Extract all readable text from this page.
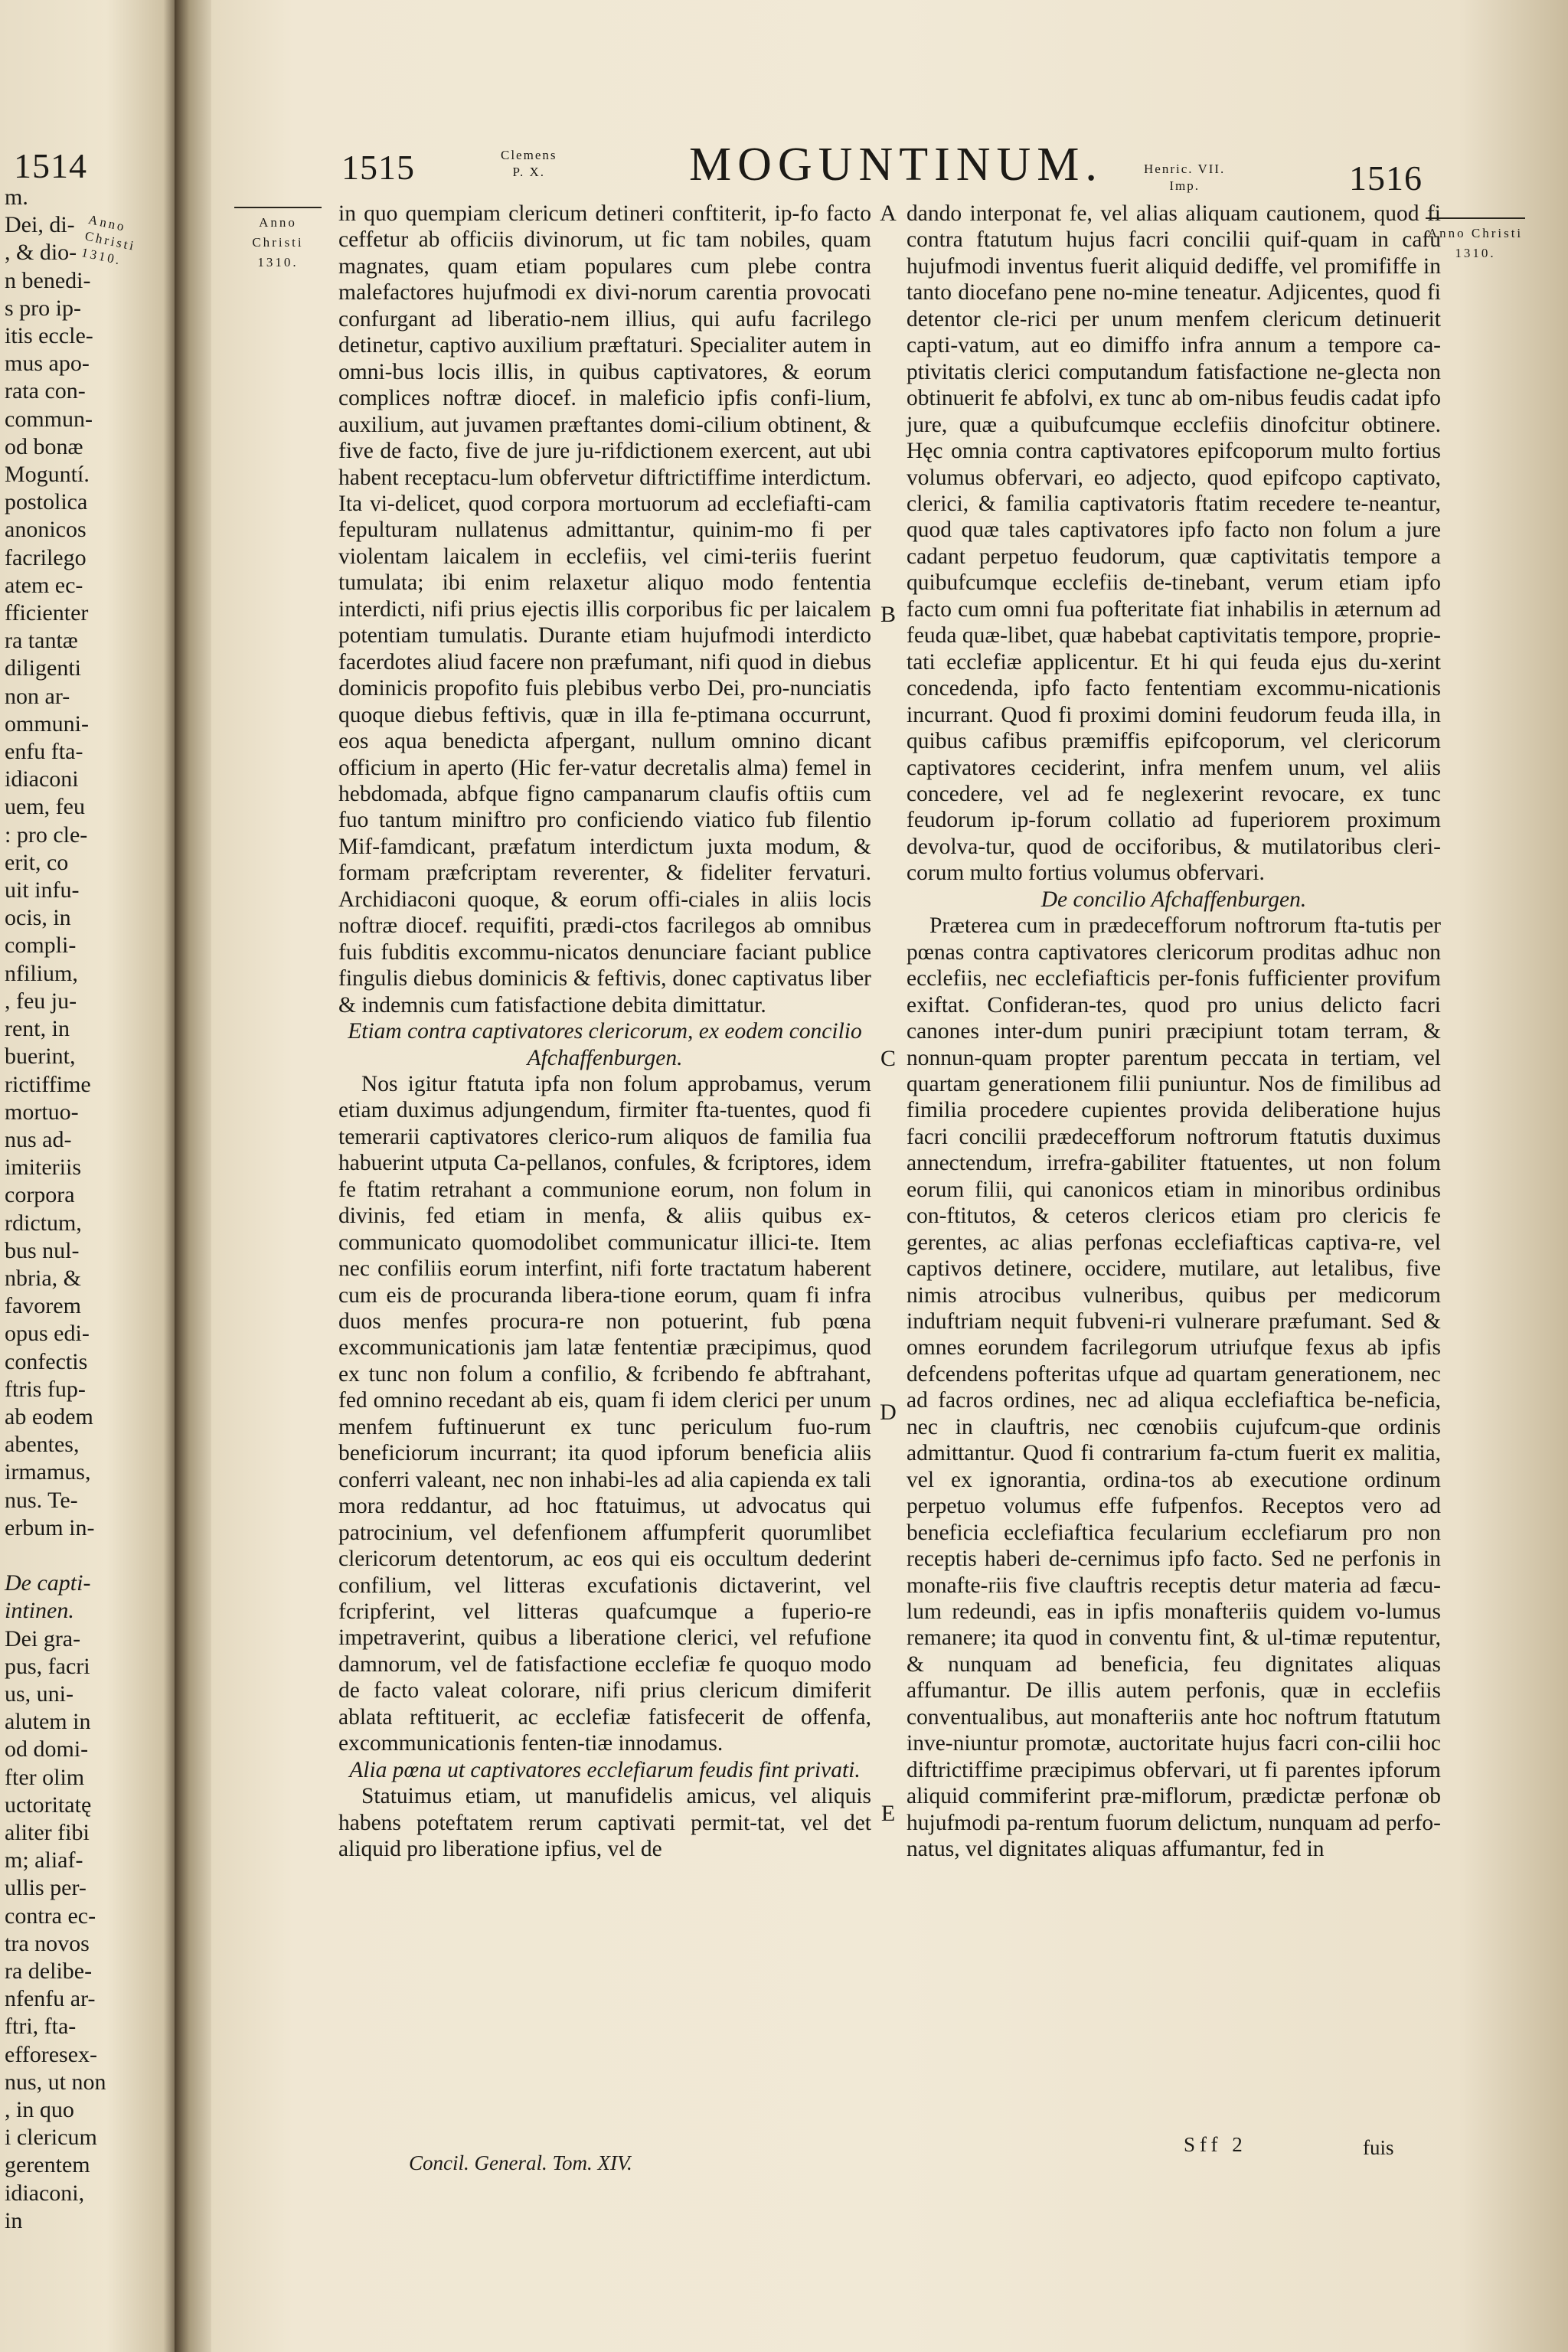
1514
Anno Christi 1310.
m.
Dei, di-
, & dio-
n benedi-
s pro ip-
itis eccle-
mus apo-
rata con-
commun-
od bonæ
Moguntí.
postolica
anonicos
facrilego
atem ec-
fficienter
ra tantæ
diligenti
non ar-
ommuni-
enfu fta-
idiaconi
uem, feu
: pro cle-
erit, co
uit infu-
ocis, in
compli-
nfilium,
, feu ju-
rent, in
buerint,
rictiffime
mortuo-
nus ad-
imiteriis
corpora
rdictum,
bus nul-
nbria, &
favorem
opus edi-
confectis
ftris fup-
ab eodem
abentes,
irmamus,
nus. Te-
erbum in-

De capti-
intinen.
Dei gra-
pus, facri
us, uni-
alutem in
od domi-
fter olim
uctoritatę
aliter fibi
m; aliaf-
ullis per-
contra ec-
tra novos
ra delibe-
nfenfu ar-
ftri, fta-
efforesex-
nus, ut non
, in quo
i clericum
gerentem
idiaconi,
in
1515	Clemens
P. X.	MOGUNTINUM.	Henric. VII.
Imp.	1516
Anno Christi 1310.
Anno Christi 1310.

in quo quempiam clericum detineri conftiterit, ip-fo facto ceffetur ab officiis divinorum, ut fic tam nobiles, quam magnates, quam etiam populares cum plebe contra malefactores hujufmodi ex divi-norum carentia provocati confurgant ad liberatio-nem illius, qui aufu facrilego detinetur, captivo auxilium præftaturi. Specialiter autem in omni-bus locis illis, in quibus captivatores, & eorum complices noftræ diocef. in maleficio ipfis confi-lium, auxilium, aut juvamen præftantes domi-cilium obtinent, & five de facto, five de jure ju-rifdictionem exercent, aut ubi habent receptacu-lum obfervetur diftrictiffime interdictum. Ita vi-delicet, quod corpora mortuorum ad ecclefiafti-cam fepulturam nullatenus admittantur, quinim-mo fi per violentam laicalem in ecclefiis, vel cimi-teriis fuerint tumulata; ibi enim relaxetur aliquo modo fententia interdicti, nifi prius ejectis illis corporibus fic per laicalem potentiam tumulatis. Durante etiam hujufmodi interdicto facerdotes aliud facere non præfumant, nifi quod in diebus dominicis propofito fuis plebibus verbo Dei, pro-nunciatis quoque diebus feftivis, quæ in illa fe-ptimana occurrunt, eos aqua benedicta afpergant, nullum omnino dicant officium in aperto (Hic fer-vatur decretalis alma) femel in hebdomada, abfque figno campanarum claufis oftiis cum fuo tantum miniftro pro conficiendo viatico fub filentio Mif-famdicant, præfatum interdictum juxta modum, & formam præfcriptam reverenter, & fideliter fervaturi. Archidiaconi quoque, & eorum offi-ciales in aliis locis noftræ diocef. requifiti, prædi-ctos facrilegos ab omnibus fuis fubditis excommu-nicatos denunciare faciant publice fingulis diebus dominicis & feftivis, donec captivatus liber & indemnis cum fatisfactione debita dimittatur.

Etiam contra captivatores clericorum, ex eodem concilio Afchaffenburgen.

Nos igitur ftatuta ipfa non folum approbamus, verum etiam duximus adjungendum, firmiter fta-tuentes, quod fi temerarii captivatores clerico-rum aliquos de familia fua habuerint utputa Ca-pellanos, confules, & fcriptores, idem fe ftatim retrahant a communione eorum, non folum in divinis, fed etiam in menfa, & aliis quibus ex-communicato quomodolibet communicatur illici-te. Item nec confiliis eorum interfint, nifi forte tractatum haberent cum eis de procuranda libera-tione eorum, quam fi infra duos menfes procura-re non potuerint, fub pœna excommunicationis jam latæ fententiæ præcipimus, quod ex tunc non folum a confilio, & fcribendo fe abftrahant, fed omnino recedant ab eis, quam fi idem clerici per unum menfem fuftinuerunt ex tunc periculum fuo-rum beneficiorum incurrant; ita quod ipforum beneficia aliis conferri valeant, nec non inhabi-les ad alia capienda ex tali mora reddantur, ad hoc ftatuimus, ut advocatus qui patrocinium, vel defenfionem affumpferit quorumlibet clericorum detentorum, ac eos qui eis occultum dederint confilium, vel litteras excufationis dictaverint, vel fcripferint, vel litteras quafcumque a fuperio-re impetraverint, quibus a liberatione clerici, vel refufione damnorum, vel de fatisfactione ecclefiæ fe quoquo modo de facto valeat colorare, nifi prius clericum dimiferit ablata reftituerit, ac ecclefiæ fatisfecerit de offenfa, excommunicationis fenten-tiæ innodamus.

Alia pœna ut captivatores ecclefiarum feudis fint privati.

Statuimus etiam, ut manufidelis amicus, vel aliquis habens poteftatem rerum captivati permit-tat, vel det aliquid pro liberatione ipfius, vel de

dando interponat fe, vel alias aliquam cautionem, quod fi contra ftatutum hujus facri concilii quif-quam in cafu hujufmodi inventus fuerit aliquid dediffe, vel promififfe in tanto diocefano pene no-mine teneatur. Adjicentes, quod fi detentor cle-rici per unum menfem clericum detinuerit capti-vatum, aut eo dimiffo infra annum a tempore ca-ptivitatis clerici computandum fatisfactione ne-glecta non obtinuerit fe abfolvi, ex tunc ab om-nibus feudis cadat ipfo jure, quæ a quibufcumque ecclefiis dinofcitur obtinere. Hęc omnia contra captivatores epifcoporum multo fortius volumus obfervari, eo adjecto, quod epifcopo captivato, clerici, & familia captivatoris ftatim recedere te-neantur, quod quæ tales captivatores ipfo facto non folum a jure cadant perpetuo feudorum, quæ captivitatis tempore a quibufcumque ecclefiis de-tinebant, verum etiam ipfo facto cum omni fua pofteritate fiat inhabilis in æternum ad feuda quæ-libet, quæ habebat captivitatis tempore, proprie-tati ecclefiæ applicentur. Et hi qui feuda ejus du-xerint concedenda, ipfo facto fententiam excommu-nicationis incurrant. Quod fi proximi domini feudorum feuda illa, in quibus cafibus præmiffis epifcoporum, vel clericorum captivatores ceciderint, infra menfem unum, vel aliis concedere, vel ad fe neglexerint revocare, ex tunc feudorum ip-forum collatio ad fuperiorem proximum devolva-tur, quod de occiforibus, & mutilatoribus cleri-corum multo fortius volumus obfervari.

De concilio Afchaffenburgen.

Præterea cum in prædecefforum noftrorum fta-tutis per pœnas contra captivatores clericorum proditas adhuc non ecclefiis, nec ecclefiafticis per-fonis fufficienter provifum exiftat. Confideran-tes, quod pro unius delicto facri canones inter-dum puniri præcipiunt totam terram, & nonnun-quam propter parentum peccata in tertiam, vel quartam generationem filii puniuntur. Nos de fimilibus ad fimilia procedere cupientes provida deliberatione hujus facri concilii prædecefforum noftrorum ftatutis duximus annectendum, irrefra-gabiliter ftatuentes, ut non folum eorum filii, qui canonicos etiam in minoribus ordinibus con-ftitutos, & ceteros clericos etiam pro clericis fe gerentes, ac alias perfonas ecclefiafticas captiva-re, vel captivos detinere, occidere, mutilare, aut letalibus, five nimis atrocibus vulneribus, quibus per medicorum induftriam nequit fubveni-ri vulnerare præfumant. Sed & omnes eorundem facrilegorum utriufque fexus ab ipfis defcendens pofteritas ufque ad quartam generationem, nec ad facros ordines, nec ad aliqua ecclefiaftica be-neficia, nec in clauftris, nec cœnobiis cujufcum-que ordinis admittantur. Quod fi contrarium fa-ctum fuerit ex malitia, vel ex ignorantia, ordina-tos ab executione ordinum perpetuo volumus effe fufpenfos. Receptos vero ad beneficia ecclefiaftica fecularium ecclefiarum pro non receptis haberi de-cernimus ipfo facto. Sed ne perfonis in monafte-riis five clauftris receptis detur materia ad fæcu-lum redeundi, eas in ipfis monafteriis quidem vo-lumus remanere; ita quod in conventu fint, & ul-timæ reputentur, & nunquam ad beneficia, feu dignitates aliquas affumantur. De illis autem perfonis, quæ in ecclefiis conventualibus, aut monafteriis ante hoc noftrum ftatutum inve-niuntur promotæ, auctoritate hujus facri con-cilii hoc diftrictiffime præcipimus obfervari, ut fi parentes ipforum aliquid commiferint præ-miflorum, prædictæ perfonæ ob hujufmodi pa-rentum fuorum delictum, nunquam ad perfo-natus, vel dignitates aliquas affumantur, fed in

A
B
C
D
E
Concil. General. Tom. XIV.
Sff 2	fuis
